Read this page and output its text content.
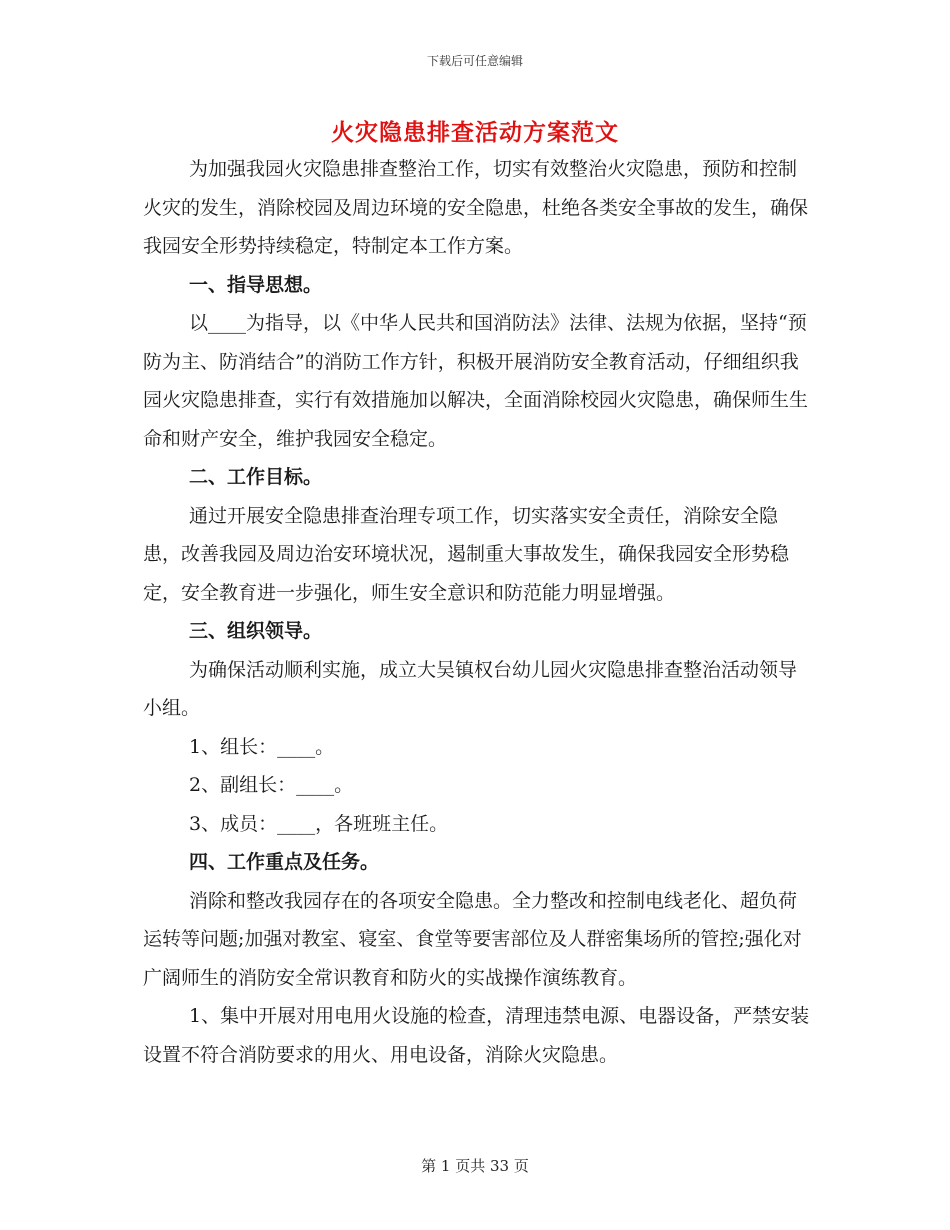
下载后可任意编辑
火灾隐患排查活动方案范文

为加强我园火灾隐患排查整治工作，切实有效整治火灾隐患，预防和控制火灾的发生，消除校园及周边环境的安全隐患，杜绝各类安全事故的发生，确保我园安全形势持续稳定，特制定本工作方案。

一、指导思想。

以____为指导，以《中华人民共和国消防法》法律、法规为依据，坚持“预防为主、防消结合”的消防工作方针，积极开展消防安全教育活动，仔细组织我园火灾隐患排查，实行有效措施加以解决，全面消除校园火灾隐患，确保师生生命和财产安全，维护我园安全稳定。

二、工作目标。

通过开展安全隐患排查治理专项工作，切实落实安全责任，消除安全隐患，改善我园及周边治安环境状况，遏制重大事故发生，确保我园安全形势稳定，安全教育进一步强化，师生安全意识和防范能力明显增强。

三、组织领导。

为确保活动顺利实施，成立大吴镇权台幼儿园火灾隐患排查整治活动领导小组。

1、组长：____。

2、副组长：____。

3、成员：____，各班班主任。

四、工作重点及任务。

消除和整改我园存在的各项安全隐患。全力整改和控制电线老化、超负荷运转等问题;加强对教室、寝室、食堂等要害部位及人群密集场所的管控;强化对广阔师生的消防安全常识教育和防火的实战操作演练教育。

1、集中开展对用电用火设施的检查，清理违禁电源、电器设备，严禁安装设置不符合消防要求的用火、用电设备，消除火灾隐患。

第 1 页共 33 页
